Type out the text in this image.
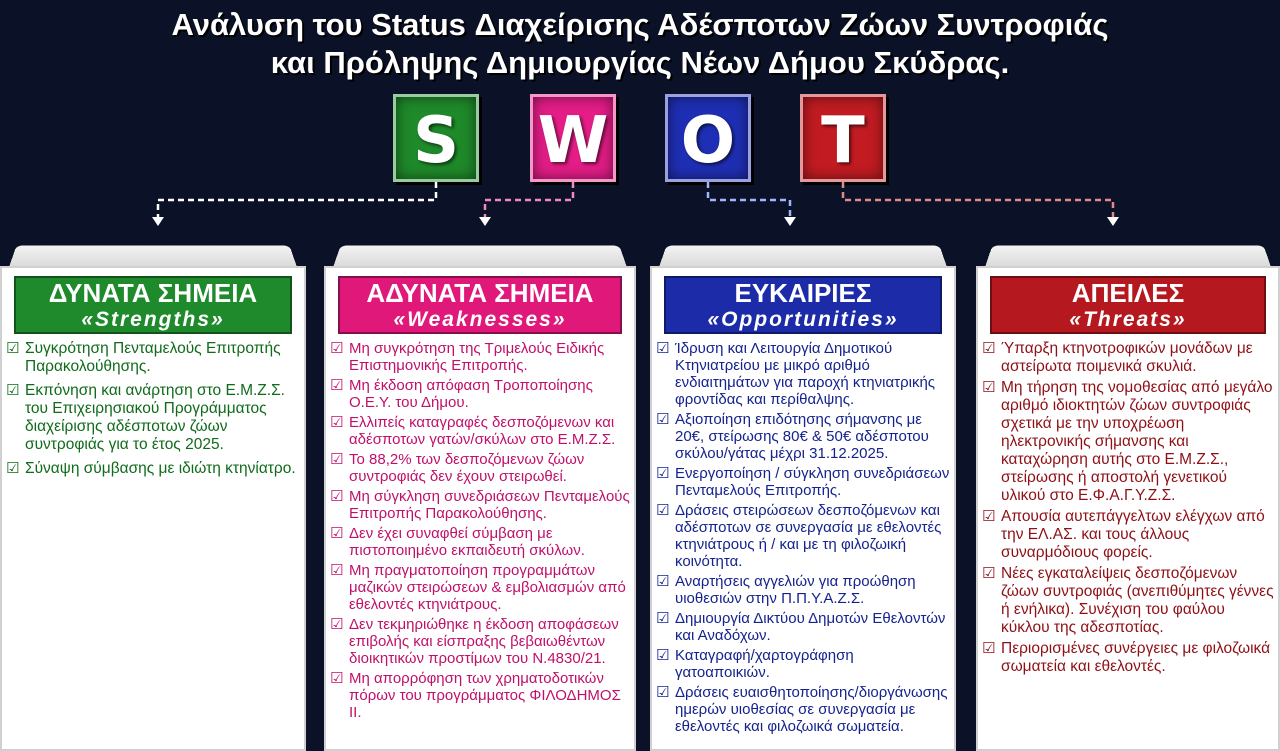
Ανάλυση του Status Διαχείρισης Αδέσποτων Ζώων Συντροφιάς
και Πρόληψης Δημιουργίας Νέων Δήμου Σκύδρας.
S	W O	T
ΔΥΝΑΤΑ ΣΗΜΕΙΑ
«Strengths»
☑ Συγκρότηση Πενταμελούς Επιτροπής Παρακολούθησης.
☑ Εκπόνηση και ανάρτηση στο Ε.Μ.Ζ.Σ. του Επιχειρησιακού Προγράμματος διαχείρισης αδέσποτων ζώων συντροφιάς για το έτος 2025.
☑ Σύναψη σύμβασης με ιδιώτη κτηνίατρο.
ΑΔΥΝΑΤΑ ΣΗΜΕΙΑ
«Weaknesses»
☑ Μη συγκρότηση της Τριμελούς Ειδικής Επιστημονικής Επιτροπής.
☑ Μη έκδοση απόφαση Τροποποίησης Ο.Ε.Υ. του Δήμου.
☑ Ελλιπείς καταγραφές δεσποζόμενων και αδέσποτων γατών/σκύλων στο Ε.Μ.Ζ.Σ.
☑ Το 88,2% των δεσποζόμενων ζώων συντροφιάς δεν έχουν στειρωθεί.
☑ Μη σύγκληση συνεδριάσεων Πενταμελούς Επιτροπής Παρακολούθησης.
☑ Δεν έχει συναφθεί σύμβαση με πιστοποιημένο εκπαιδευτή σκύλων.
☑ Μη πραγματοποίηση προγραμμάτων μαζικών στειρώσεων & εμβολιασμών από εθελοντές κτηνιάτρους.
☑ Δεν τεκμηριώθηκε η έκδοση αποφάσεων επιβολής και είσπραξης βεβαιωθέντων διοικητικών προστίμων του Ν.4830/21.
☑ Μη απορρόφηση των χρηματοδοτικών πόρων του προγράμματος ΦΙΛΟΔΗΜΟΣ ΙΙ.
ΕΥΚΑΙΡΙΕΣ
«Opportunities»
☑ Ίδρυση και Λειτουργία Δημοτικού Κτηνιατρείου με μικρό αριθμό ενδιαιτημάτων για παροχή κτηνιατρικής φροντίδας και περίθαλψης.
☑ Αξιοποίηση επιδότησης σήμανσης με 20€, στείρωσης 80€ & 50€ αδέσποτου σκύλου/γάτας μέχρι 31.12.2025.
☑ Ενεργοποίηση / σύγκληση συνεδριάσεων Πενταμελούς Επιτροπής.
☑ Δράσεις στειρώσεων δεσποζόμενων και αδέσποτων σε συνεργασία με εθελοντές κτηνιάτρους ή / και με τη φιλοζωική κοινότητα.
☑ Αναρτήσεις αγγελιών για προώθηση υιοθεσιών στην Π.Π.Υ.Α.Ζ.Σ.
☑ Δημιουργία Δικτύου Δημοτών Εθελοντών και Αναδόχων.
☑ Καταγραφή/χαρτογράφηση γατοαποικιών.
☑ Δράσεις ευαισθητοποίησης/διοργάνωσης ημερών υιοθεσίας σε συνεργασία με εθελοντές και φιλοζωικά σωματεία.
ΑΠΕΙΛΕΣ
«Threats»
☑ Ύπαρξη κτηνοτροφικών μονάδων με αστείρωτα ποιμενικά σκυλιά.
☑ Μη τήρηση της νομοθεσίας από μεγάλο αριθμό ιδιοκτητών ζώων συντροφιάς σχετικά με την υποχρέωση ηλεκτρονικής σήμανσης και καταχώρηση αυτής στο Ε.Μ.Ζ.Σ., στείρωσης ή αποστολή γενετικού υλικού στο Ε.Φ.Α.Γ.Υ.Ζ.Σ.
☑ Απουσία αυτεπάγγελτων ελέγχων από την ΕΛ.ΑΣ. και τους άλλους συναρμόδιους φορείς.
☑ Νέες εγκαταλείψεις δεσποζόμενων ζώων συντροφιάς (ανεπιθύμητες γέννες ή ενήλικα). Συνέχιση του φαύλου κύκλου της αδεσποτίας.
☑ Περιορισμένες συνέργειες με φιλοζωικά σωματεία και εθελοντές.
